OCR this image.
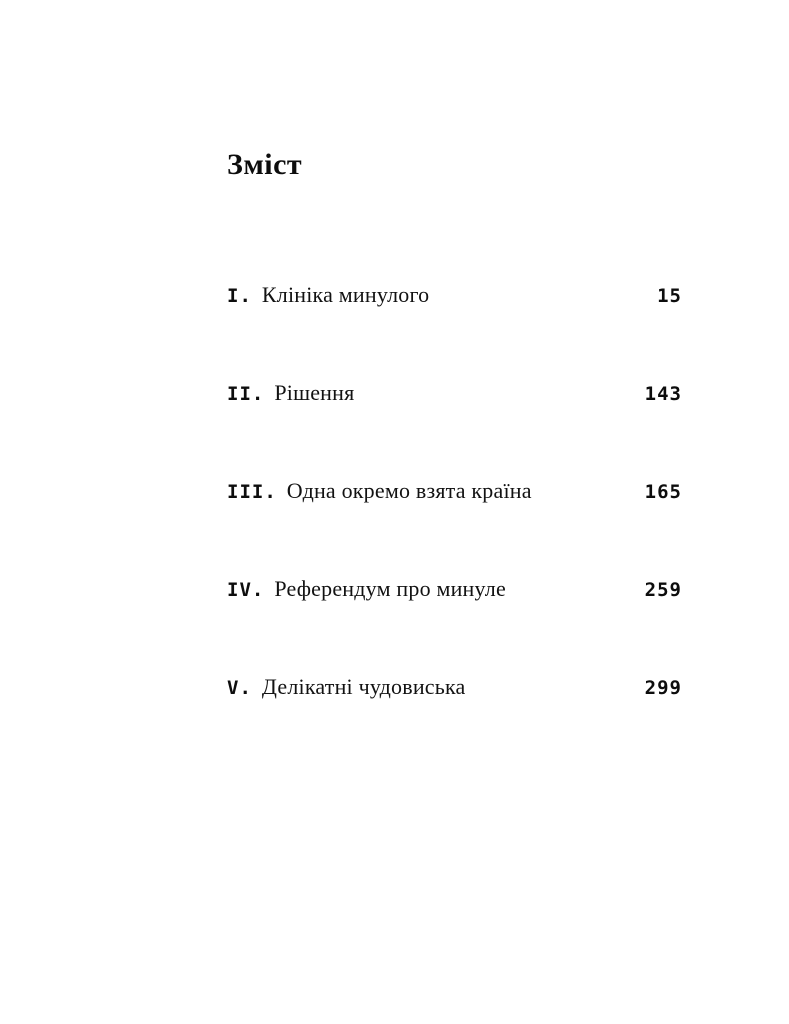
Зміст
I. Клініка минулого	15
II. Рішення	143
III. Одна окремо взята країна	165
IV. Референдум про минуле	259
V. Делікатні чудовиська	299
